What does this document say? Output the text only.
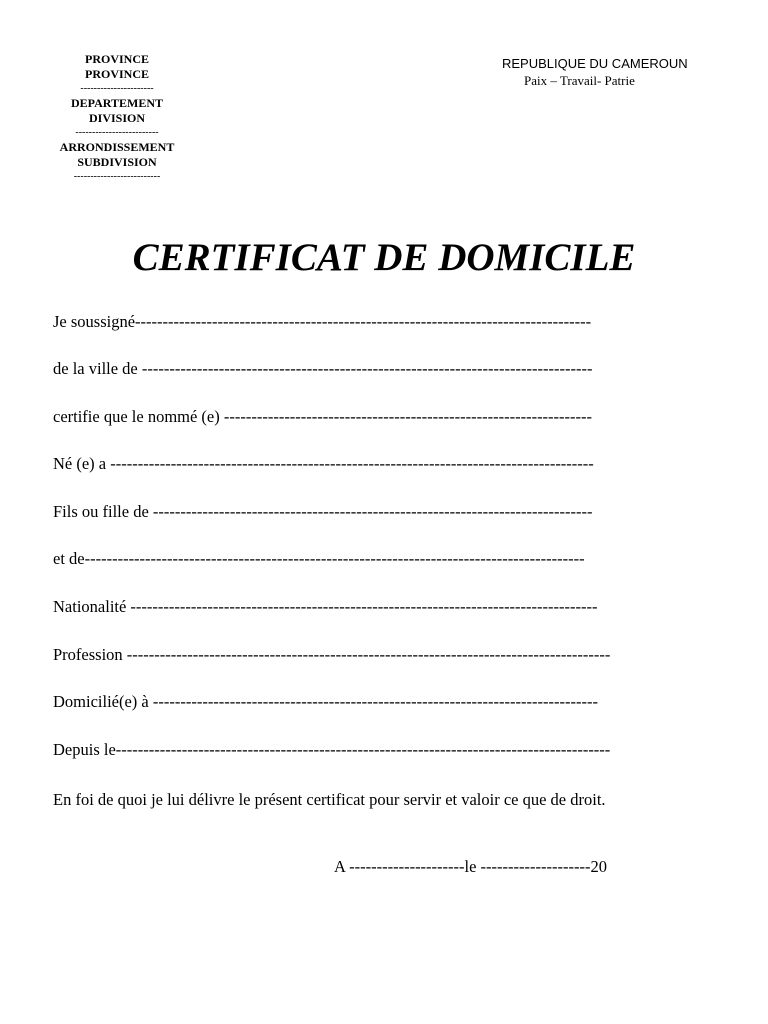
PROVINCE
PROVINCE
----------------------
DEPARTEMENT
DIVISION
-------------------------
ARRONDISSEMENT
SUBDIVISION
--------------------------
REPUBLIQUE DU CAMEROUN
Paix – Travail- Patrie
CERTIFICAT DE DOMICILE
Je soussigné-----------------------------------------------------------------------------------
de la ville de ----------------------------------------------------------------------------------
certifie que le nommé (e) -------------------------------------------------------------------
Né (e) a ----------------------------------------------------------------------------------------
Fils ou fille de --------------------------------------------------------------------------------
et de-------------------------------------------------------------------------------------------
Nationalité -------------------------------------------------------------------------------------
Profession ----------------------------------------------------------------------------------------
Domicilié(e) à ---------------------------------------------------------------------------------
Depuis le------------------------------------------------------------------------------------------
En foi de quoi je lui délivre le présent certificat pour servir et valoir ce que de droit.
A ---------------------le --------------------20
